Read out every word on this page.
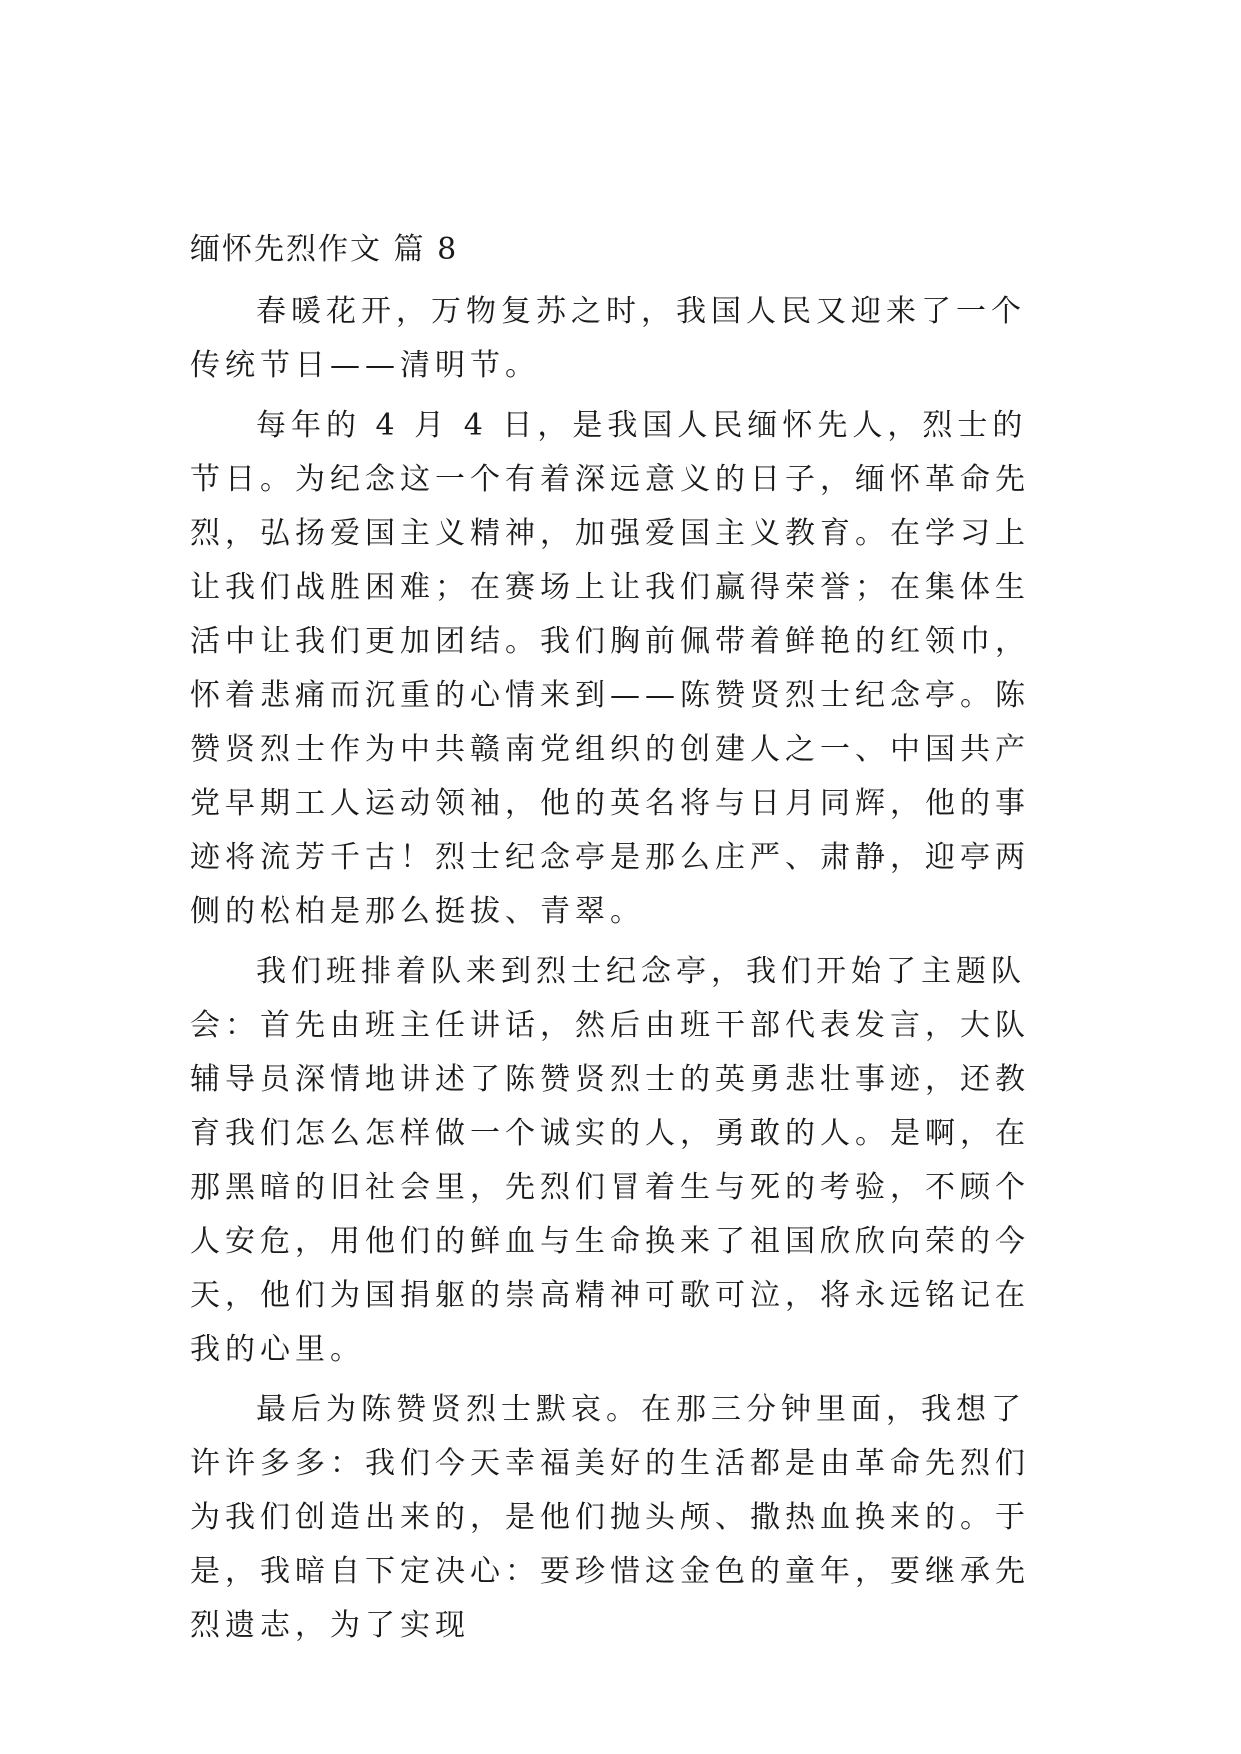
缅怀先烈作文 篇 8

春暖花开，万物复苏之时，我国人民又迎来了一个传统节日——清明节。

每年的 4 月 4 日，是我国人民缅怀先人，烈士的节日。为纪念这一个有着深远意义的日子，缅怀革命先烈，弘扬爱国主义精神，加强爱国主义教育。在学习上让我们战胜困难；在赛场上让我们赢得荣誉；在集体生活中让我们更加团结。我们胸前佩带着鲜艳的红领巾，怀着悲痛而沉重的心情来到——陈赞贤烈士纪念亭。陈赞贤烈士作为中共赣南党组织的创建人之一、中国共产党早期工人运动领袖，他的英名将与日月同辉，他的事迹将流芳千古！烈士纪念亭是那么庄严、肃静，迎亭两侧的松柏是那么挺拔、青翠。

我们班排着队来到烈士纪念亭，我们开始了主题队会：首先由班主任讲话，然后由班干部代表发言，大队辅导员深情地讲述了陈赞贤烈士的英勇悲壮事迹，还教育我们怎么怎样做一个诚实的人，勇敢的人。是啊，在那黑暗的旧社会里，先烈们冒着生与死的考验，不顾个人安危，用他们的鲜血与生命换来了祖国欣欣向荣的今天，他们为国捐躯的崇高精神可歌可泣，将永远铭记在我的心里。

最后为陈赞贤烈士默哀。在那三分钟里面，我想了许许多多：我们今天幸福美好的生活都是由革命先烈们为我们创造出来的，是他们抛头颅、撒热血换来的。于是，我暗自下定决心：要珍惜这金色的童年，要继承先烈遗志，为了实现
